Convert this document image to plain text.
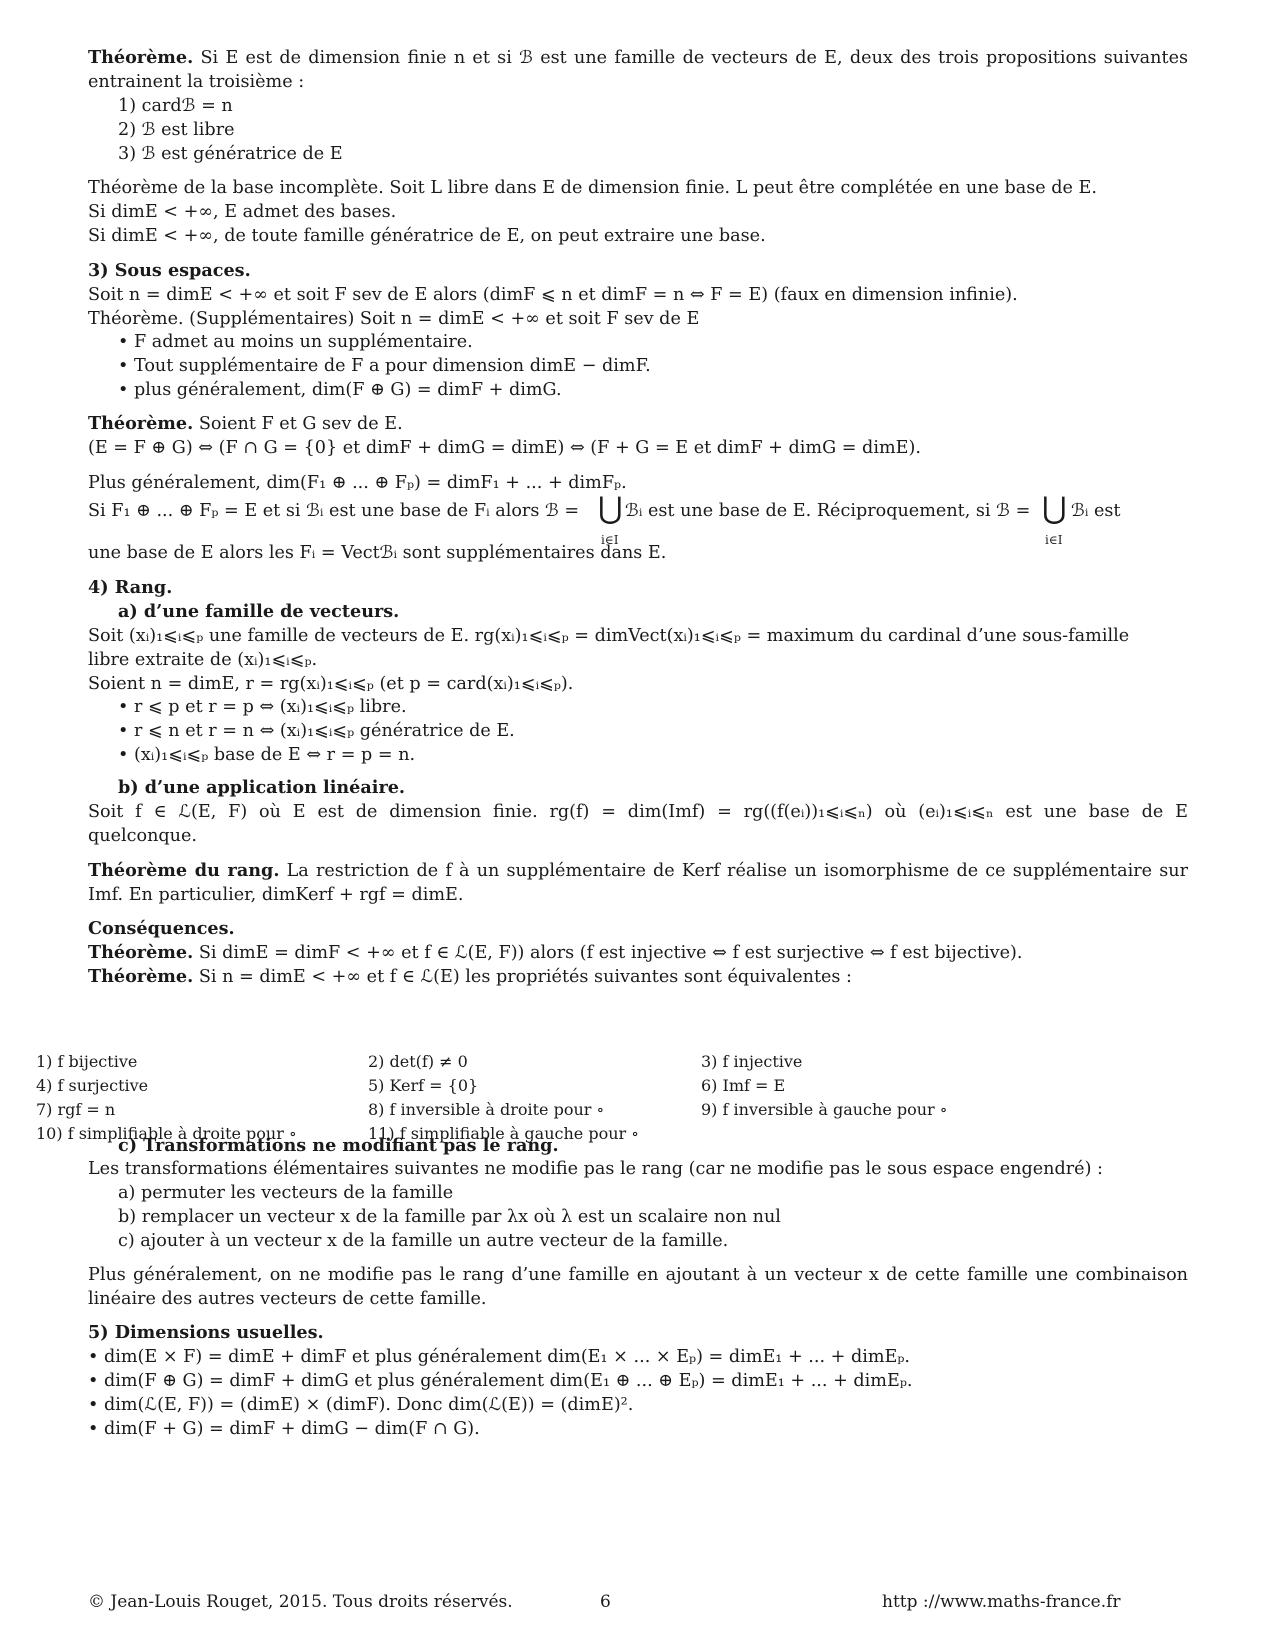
Théorème. Si E est de dimension finie n et si ℬ est une famille de vecteurs de E, deux des trois propositions suivantes
entrainent la troisième :
1) cardℬ = n
2) ℬ est libre
3) ℬ est génératrice de E
Théorème de la base incomplète. Soit L libre dans E de dimension finie. L peut être complétée en une base de E.
Si dimE < +∞, E admet des bases.
Si dimE < +∞, de toute famille génératrice de E, on peut extraire une base.
3) Sous espaces.
Soit n = dimE < +∞ et soit F sev de E alors (dimF ⩽ n et dimF = n ⇔ F = E) (faux en dimension infinie).
Théorème. (Supplémentaires) Soit n = dimE < +∞ et soit F sev de E
• F admet au moins un supplémentaire.
• Tout supplémentaire de F a pour dimension dimE − dimF.
• plus généralement, dim(F ⊕ G) = dimF + dimG.
Théorème. Soient F et G sev de E.
(E = F ⊕ G) ⇔ (F ∩ G = {0} et dimF + dimG = dimE) ⇔ (F + G = E et dimF + dimG = dimE).
Plus généralement, dim(F₁ ⊕ ... ⊕ Fₚ) = dimF₁ + ... + dimFₚ.
Si F₁ ⊕ ... ⊕ Fₚ = E et si ℬᵢ est une base de Fᵢ alors ℬ = ⋃
i∈I
ℬᵢ est une base de E. Réciproquement, si ℬ = ⋃
i∈I
ℬᵢ est
une base de E alors les Fᵢ = Vectℬᵢ sont supplémentaires dans E.
4) Rang.
a) d’une famille de vecteurs.
Soit (xᵢ)₁⩽ᵢ⩽ₚ une famille de vecteurs de E. rg(xᵢ)₁⩽ᵢ⩽ₚ = dimVect(xᵢ)₁⩽ᵢ⩽ₚ = maximum du cardinal d’une sous-famille
libre extraite de (xᵢ)₁⩽ᵢ⩽ₚ.
Soient n = dimE, r = rg(xᵢ)₁⩽ᵢ⩽ₚ (et p = card(xᵢ)₁⩽ᵢ⩽ₚ).
• r ⩽ p et r = p ⇔ (xᵢ)₁⩽ᵢ⩽ₚ libre.
• r ⩽ n et r = n ⇔ (xᵢ)₁⩽ᵢ⩽ₚ génératrice de E.
• (xᵢ)₁⩽ᵢ⩽ₚ base de E ⇔ r = p = n.
b) d’une application linéaire.
Soit f ∈ ℒ(E, F) où E est de dimension finie. rg(f) = dim(Imf) = rg((f(eᵢ))₁⩽ᵢ⩽ₙ) où (eᵢ)₁⩽ᵢ⩽ₙ est une base de E
quelconque.
Théorème du rang. La restriction de f à un supplémentaire de Kerf réalise un isomorphisme de ce supplémentaire sur
Imf. En particulier, dimKerf + rgf = dimE.
Conséquences.
Théorème. Si dimE = dimF < +∞ et f ∈ ℒ(E, F)) alors (f est injective ⇔ f est surjective ⇔ f est bijective).
Théorème. Si n = dimE < +∞ et f ∈ ℒ(E) les propriétés suivantes sont équivalentes :
c) Transformations ne modifiant pas le rang.
Les transformations élémentaires suivantes ne modifie pas le rang (car ne modifie pas le sous espace engendré) :
a) permuter les vecteurs de la famille
b) remplacer un vecteur x de la famille par λx où λ est un scalaire non nul
c) ajouter à un vecteur x de la famille un autre vecteur de la famille.
Plus généralement, on ne modifie pas le rang d’une famille en ajoutant à un vecteur x de cette famille une combinaison
linéaire des autres vecteurs de cette famille.
5) Dimensions usuelles.
• dim(E × F) = dimE + dimF et plus généralement dim(E₁ × ... × Eₚ) = dimE₁ + ... + dimEₚ.
• dim(F ⊕ G) = dimF + dimG et plus généralement dim(E₁ ⊕ ... ⊕ Eₚ) = dimE₁ + ... + dimEₚ.
• dim(ℒ(E, F)) = (dimE) × (dimF). Donc dim(ℒ(E)) = (dimE)².
• dim(F + G) = dimF + dimG − dim(F ∩ G).
1) f bijective	2) det(f) ≠ 0	3) f injective
4) f surjective	5) Kerf = {0}	6) Imf = E
7) rgf = n	8) f inversible à droite pour ∘	9) f inversible à gauche pour ∘
10) f simplifiable à droite pour ∘	11) f simplifiable à gauche pour ∘
© Jean-Louis Rouget, 2015. Tous droits réservés.	6	http ://www.maths-france.fr
